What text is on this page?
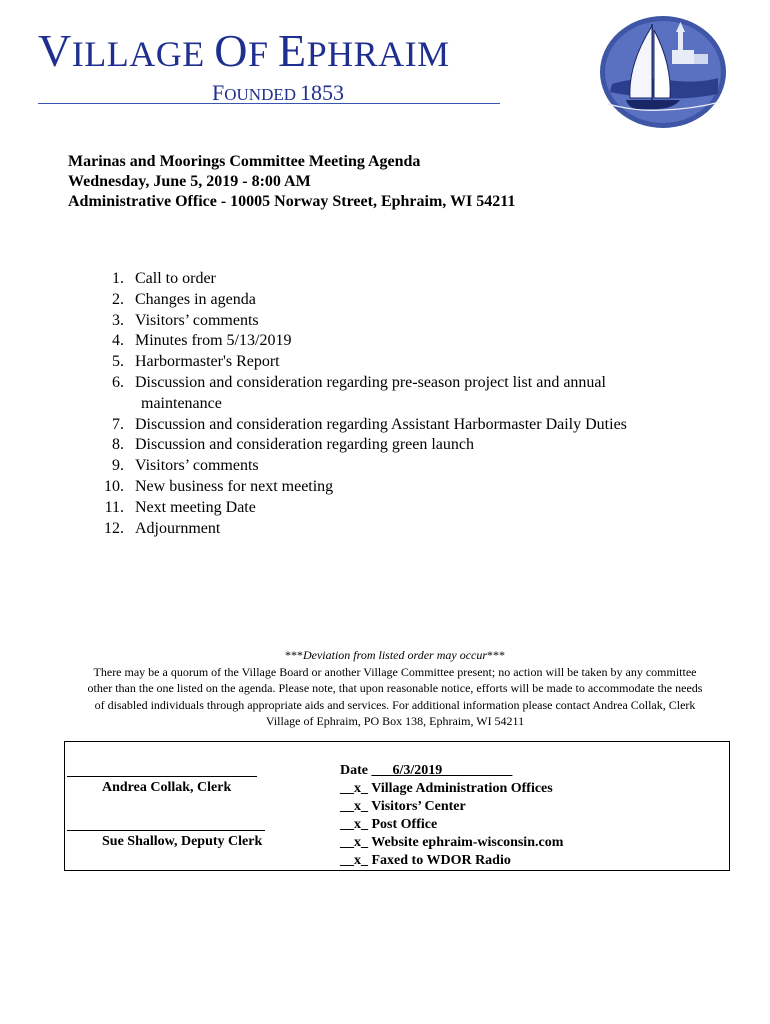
VILLAGE OF EPHRAIM
FOUNDED 1853
Marinas and Moorings Committee Meeting Agenda
Wednesday, June 5, 2019 - 8:00 AM
Administrative Office - 10005 Norway Street, Ephraim, WI 54211
1. Call to order
2. Changes in agenda
3. Visitors’ comments
4. Minutes from 5/13/2019
5. Harbormaster's Report
6. Discussion and consideration regarding pre-season project list and annual
maintenance
7. Discussion and consideration regarding Assistant Harbormaster Daily Duties
8. Discussion and consideration regarding green launch
9. Visitors’ comments
10. New business for next meeting
11. Next meeting Date
12. Adjournment
***Deviation from listed order may occur***
There may be a quorum of the Village Board or another Village Committee present; no action will be taken by any committee
other than the one listed on the agenda. Please note, that upon reasonable notice, efforts will be made to accommodate the needs
of disabled individuals through appropriate aids and services. For additional information please contact Andrea Collak, Clerk
Village of Ephraim, PO Box 138, Ephraim, WI 54211
Andrea Collak, Clerk
Sue Shallow, Deputy Clerk
Date ___6/3/2019__________
__x_ Village Administration Offices
__x_ Visitors’ Center
__x_ Post Office
__x_ Website ephraim-wisconsin.com
__x_ Faxed to WDOR Radio
